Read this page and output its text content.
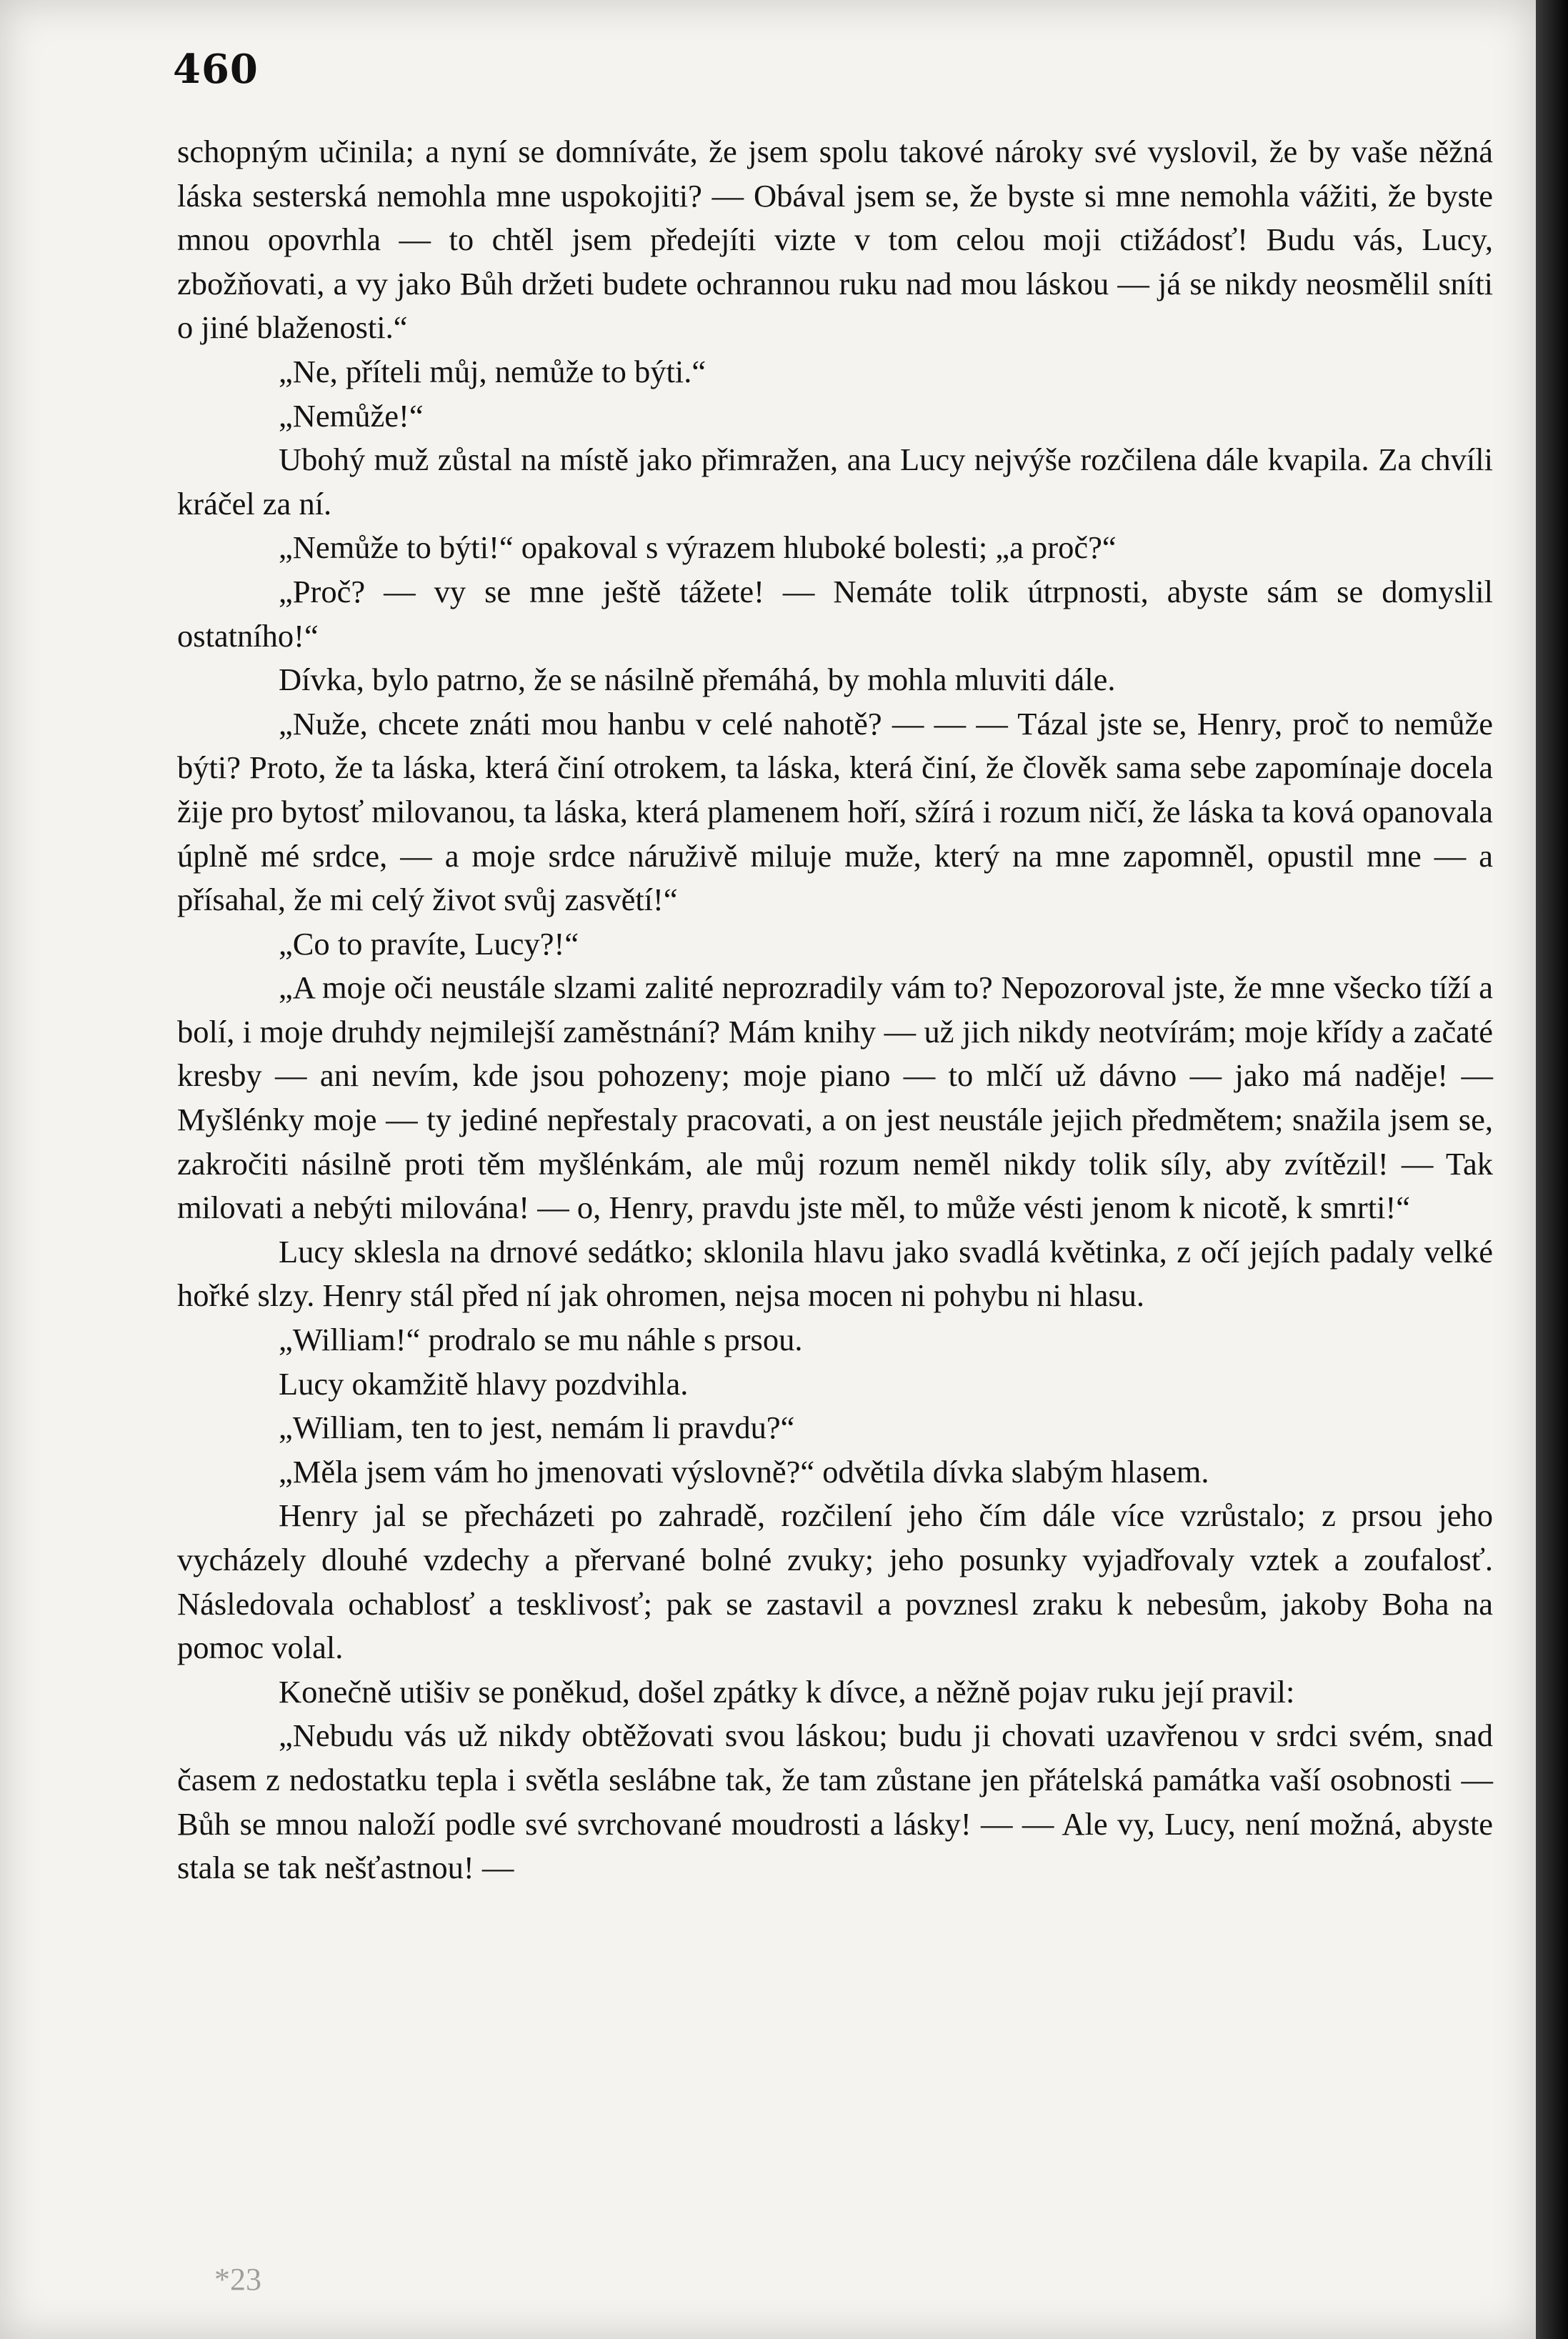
460

schopným učinila; a nyní se domníváte, že jsem spolu takové nároky své vyslovil, že by vaše něžná láska sesterská nemohla mne uspokojiti? — Obával jsem se, že byste si mne nemohla vážiti, že byste mnou opovrhla — to chtěl jsem předejíti vizte v tom celou moji ctižádosť! Budu vás, Lucy, zbožňovati, a vy jako Bůh držeti budete ochrannou ruku nad mou láskou — já se nikdy neosmělil sníti o jiné blaženosti.“

„Ne, příteli můj, nemůže to býti.“

„Nemůže!“

Ubohý muž zůstal na místě jako přimražen, ana Lucy nejvýše rozčilena dále kvapila. Za chvíli kráčel za ní.

„Nemůže to býti!“ opakoval s výrazem hluboké bolesti; „a proč?“

„Proč? — vy se mne ještě tážete! — Nemáte tolik útrpnosti, abyste sám se domyslil ostatního!“

Dívka, bylo patrno, že se násilně přemáhá, by mohla mluviti dále.

„Nuže, chcete znáti mou hanbu v celé nahotě? — — — Tázal jste se, Henry, proč to nemůže býti? Proto, že ta láska, která činí otrokem, ta láska, která činí, že člověk sama sebe zapomínaje docela žije pro bytosť milovanou, ta láska, která plamenem hoří, sžírá i rozum ničí, že láska ta ková opanovala úplně mé srdce, — a moje srdce náruživě miluje muže, který na mne zapomněl, opustil mne — a přísahal, že mi celý život svůj zasvětí!“

„Co to pravíte, Lucy?!“

„A moje oči neustále slzami zalité neprozradily vám to? Nepozoroval jste, že mne všecko tíží a bolí, i moje druhdy nejmilejší zaměstnání? Mám knihy — už jich nikdy neotvírám; moje křídy a začaté kresby — ani nevím, kde jsou pohozeny; moje piano — to mlčí už dávno — jako má naděje! — Myšlénky moje — ty jediné nepřestaly pracovati, a on jest neustále jejich předmětem; snažila jsem se, zakročiti násilně proti těm myšlénkám, ale můj rozum neměl nikdy tolik síly, aby zvítězil! — Tak milovati a nebýti milována! — o, Henry, pravdu jste měl, to může vésti jenom k nicotě, k smrti!“

Lucy sklesla na drnové sedátko; sklonila hlavu jako svadlá květinka, z očí jejích padaly velké hořké slzy. Henry stál před ní jak ohromen, nejsa mocen ni pohybu ni hlasu.

„William!“ prodralo se mu náhle s prsou.

Lucy okamžitě hlavy pozdvihla.

„William, ten to jest, nemám li pravdu?“

„Měla jsem vám ho jmenovati výslovně?“ odvětila dívka slabým hlasem.

Henry jal se přecházeti po zahradě, rozčilení jeho čím dále více vzrůstalo; z prsou jeho vycházely dlouhé vzdechy a přervané bolné zvuky; jeho posunky vyjadřovaly vztek a zoufalosť. Následovala ochablosť a tesklivosť; pak se zastavil a povznesl zraku k nebesům, jakoby Boha na pomoc volal.

Konečně utišiv se poněkud, došel zpátky k dívce, a něžně pojav ruku její pravil:

„Nebudu vás už nikdy obtěžovati svou láskou; budu ji chovati uzavřenou v srdci svém, snad časem z nedostatku tepla i světla seslábne tak, že tam zůstane jen přátelská památka vaší osobnosti — Bůh se mnou naloží podle své svrchované moudrosti a lásky! — — Ale vy, Lucy, není možná, abyste stala se tak nešťastnou! —

*23
